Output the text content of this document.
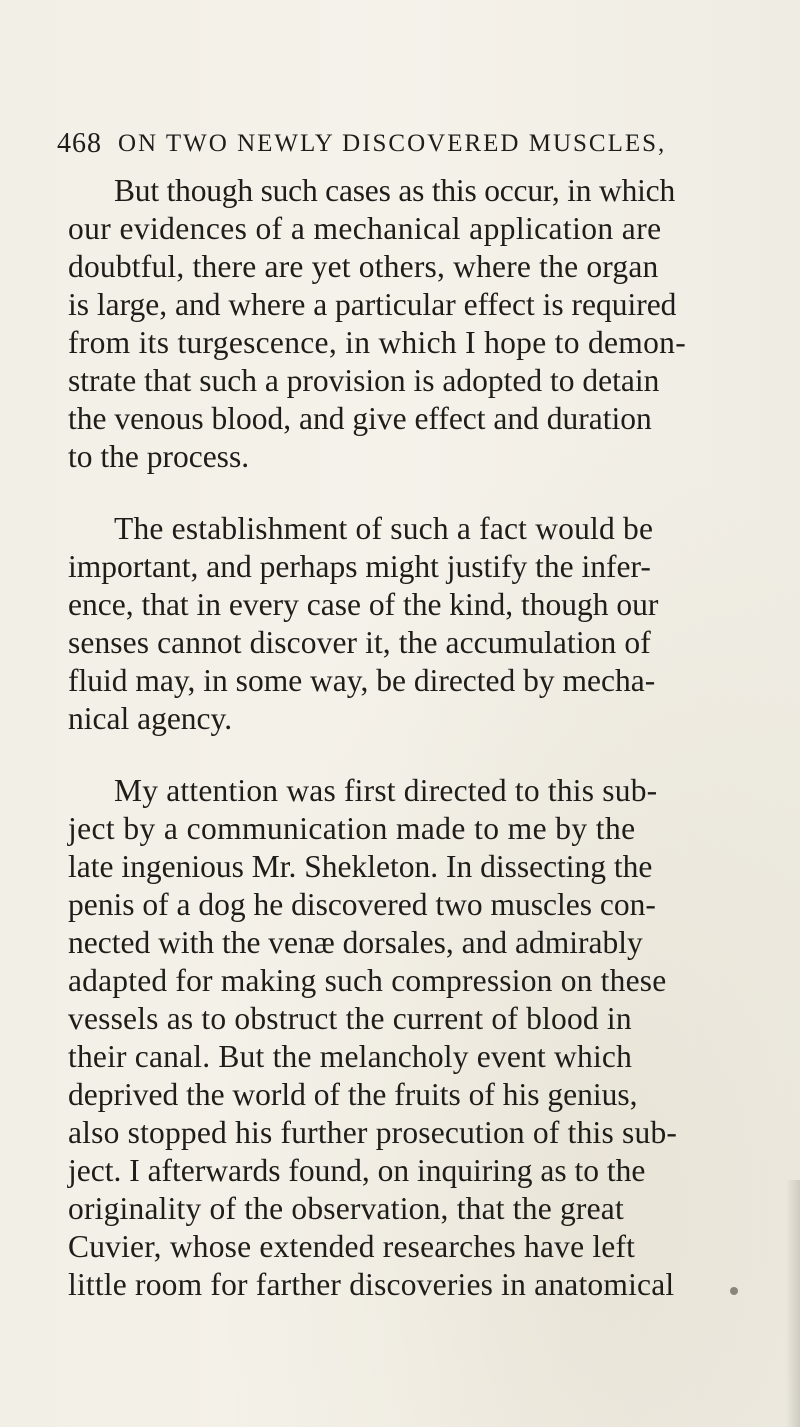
468 ON TWO NEWLY DISCOVERED MUSCLES,

But though such cases as this occur, in which
our evidences of a mechanical application are
doubtful, there are yet others, where the organ
is large, and where a particular effect is required
from its turgescence, in which I hope to demon-
strate that such a provision is adopted to detain
the venous blood, and give effect and duration
to the process.

The establishment of such a fact would be
important, and perhaps might justify the infer-
ence, that in every case of the kind, though our
senses cannot discover it, the accumulation of
fluid may, in some way, be directed by mecha-
nical agency.

My attention was first directed to this sub-
ject by a communication made to me by the
late ingenious Mr. Shekleton. In dissecting the
penis of a dog he discovered two muscles con-
nected with the venæ dorsales, and admirably
adapted for making such compression on these
vessels as to obstruct the current of blood in
their canal. But the melancholy event which
deprived the world of the fruits of his genius,
also stopped his further prosecution of this sub-
ject. I afterwards found, on inquiring as to the
originality of the observation, that the great
Cuvier, whose extended researches have left
little room for farther discoveries in anatomical
